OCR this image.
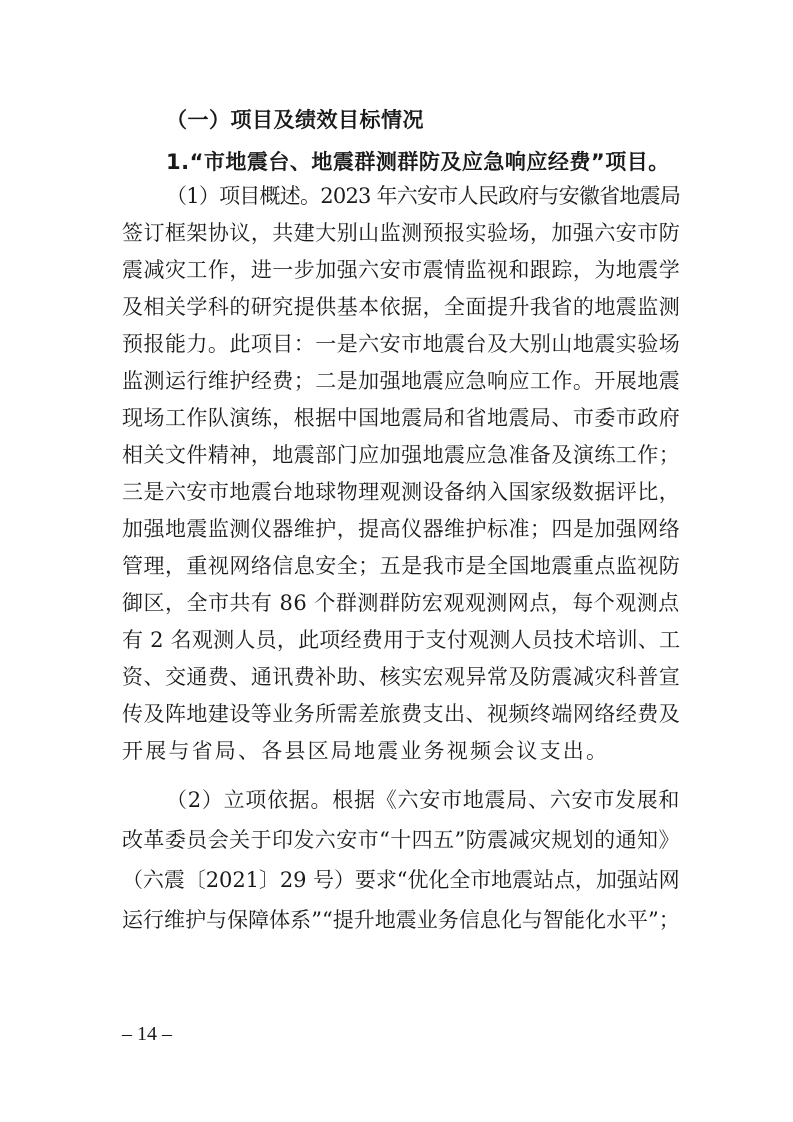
（一）项目及绩效目标情况
1.“市地震台、地震群测群防及应急响应经费”项目。
（1）项目概述。2023 年六安市人民政府与安徽省地震局
签订框架协议，共建大别山监测预报实验场，加强六安市防
震减灾工作，进一步加强六安市震情监视和跟踪，为地震学
及相关学科的研究提供基本依据，全面提升我省的地震监测
预报能力。此项目：一是六安市地震台及大别山地震实验场
监测运行维护经费；二是加强地震应急响应工作。开展地震
现场工作队演练，根据中国地震局和省地震局、市委市政府
相关文件精神，地震部门应加强地震应急准备及演练工作；
三是六安市地震台地球物理观测设备纳入国家级数据评比，
加强地震监测仪器维护，提高仪器维护标准；四是加强网络
管理，重视网络信息安全；五是我市是全国地震重点监视防
御区，全市共有 86 个群测群防宏观观测网点，每个观测点
有 2 名观测人员，此项经费用于支付观测人员技术培训、工
资、交通费、通讯费补助、核实宏观异常及防震减灾科普宣
传及阵地建设等业务所需差旅费支出、视频终端网络经费及
开展与省局、各县区局地震业务视频会议支出。
（2）立项依据。根据《六安市地震局、六安市发展和
改革委员会关于印发六安市“十四五”防震减灾规划的通知》
（六震〔2021〕29 号）要求“优化全市地震站点，加强站网
运行维护与保障体系”“提升地震业务信息化与智能化水平”；
– 14 –
